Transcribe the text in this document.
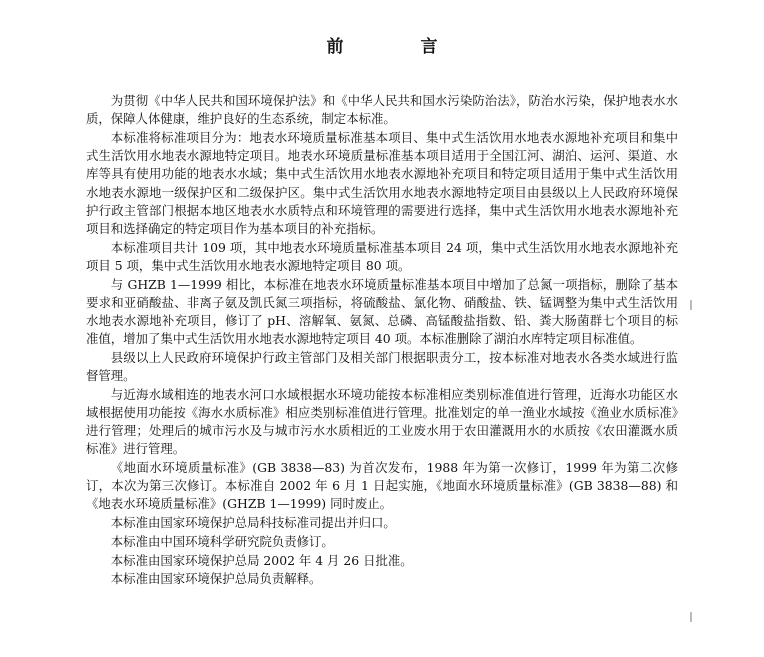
前　言

为贯彻《中华人民共和国环境保护法》和《中华人民共和国水污染防治法》，防治水污染，保护地表水水质，保障人体健康，维护良好的生态系统，制定本标准。

本标准将标准项目分为：地表水环境质量标准基本项目、集中式生活饮用水地表水源地补充项目和集中式生活饮用水地表水源地特定项目。地表水环境质量标准基本项目适用于全国江河、湖泊、运河、渠道、水库等具有使用功能的地表水水域；集中式生活饮用水地表水源地补充项目和特定项目适用于集中式生活饮用水地表水源地一级保护区和二级保护区。集中式生活饮用水地表水源地特定项目由县级以上人民政府环境保护行政主管部门根据本地区地表水水质特点和环境管理的需要进行选择，集中式生活饮用水地表水源地补充项目和选择确定的特定项目作为基本项目的补充指标。

本标准项目共计 109 项，其中地表水环境质量标准基本项目 24 项，集中式生活饮用水地表水源地补充项目 5 项，集中式生活饮用水地表水源地特定项目 80 项。

与 GHZB 1—1999 相比，本标准在地表水环境质量标准基本项目中增加了总氮一项指标，删除了基本要求和亚硝酸盐、非离子氨及凯氏氮三项指标，将硫酸盐、氯化物、硝酸盐、铁、锰调整为集中式生活饮用水地表水源地补充项目，修订了 pH、溶解氧、氨氮、总磷、高锰酸盐指数、铅、粪大肠菌群七个项目的标准值，增加了集中式生活饮用水地表水源地特定项目 40 项。本标准删除了湖泊水库特定项目标准值。

县级以上人民政府环境保护行政主管部门及相关部门根据职责分工，按本标准对地表水各类水域进行监督管理。

与近海水域相连的地表水河口水域根据水环境功能按本标准相应类别标准值进行管理，近海水功能区水域根据使用功能按《海水水质标准》相应类别标准值进行管理。批准划定的单一渔业水域按《渔业水质标准》进行管理；处理后的城市污水及与城市污水水质相近的工业废水用于农田灌溉用水的水质按《农田灌溉水质标准》进行管理。

《地面水环境质量标准》(GB 3838—83) 为首次发布，1988 年为第一次修订，1999 年为第二次修订，本次为第三次修订。本标准自 2002 年 6 月 1 日起实施，《地面水环境质量标准》(GB 3838—88) 和《地表水环境质量标准》(GHZB 1—1999) 同时废止。

本标准由国家环境保护总局科技标准司提出并归口。

本标准由中国环境科学研究院负责修订。

本标准由国家环境保护总局 2002 年 4 月 26 日批准。

本标准由国家环境保护总局负责解释。
